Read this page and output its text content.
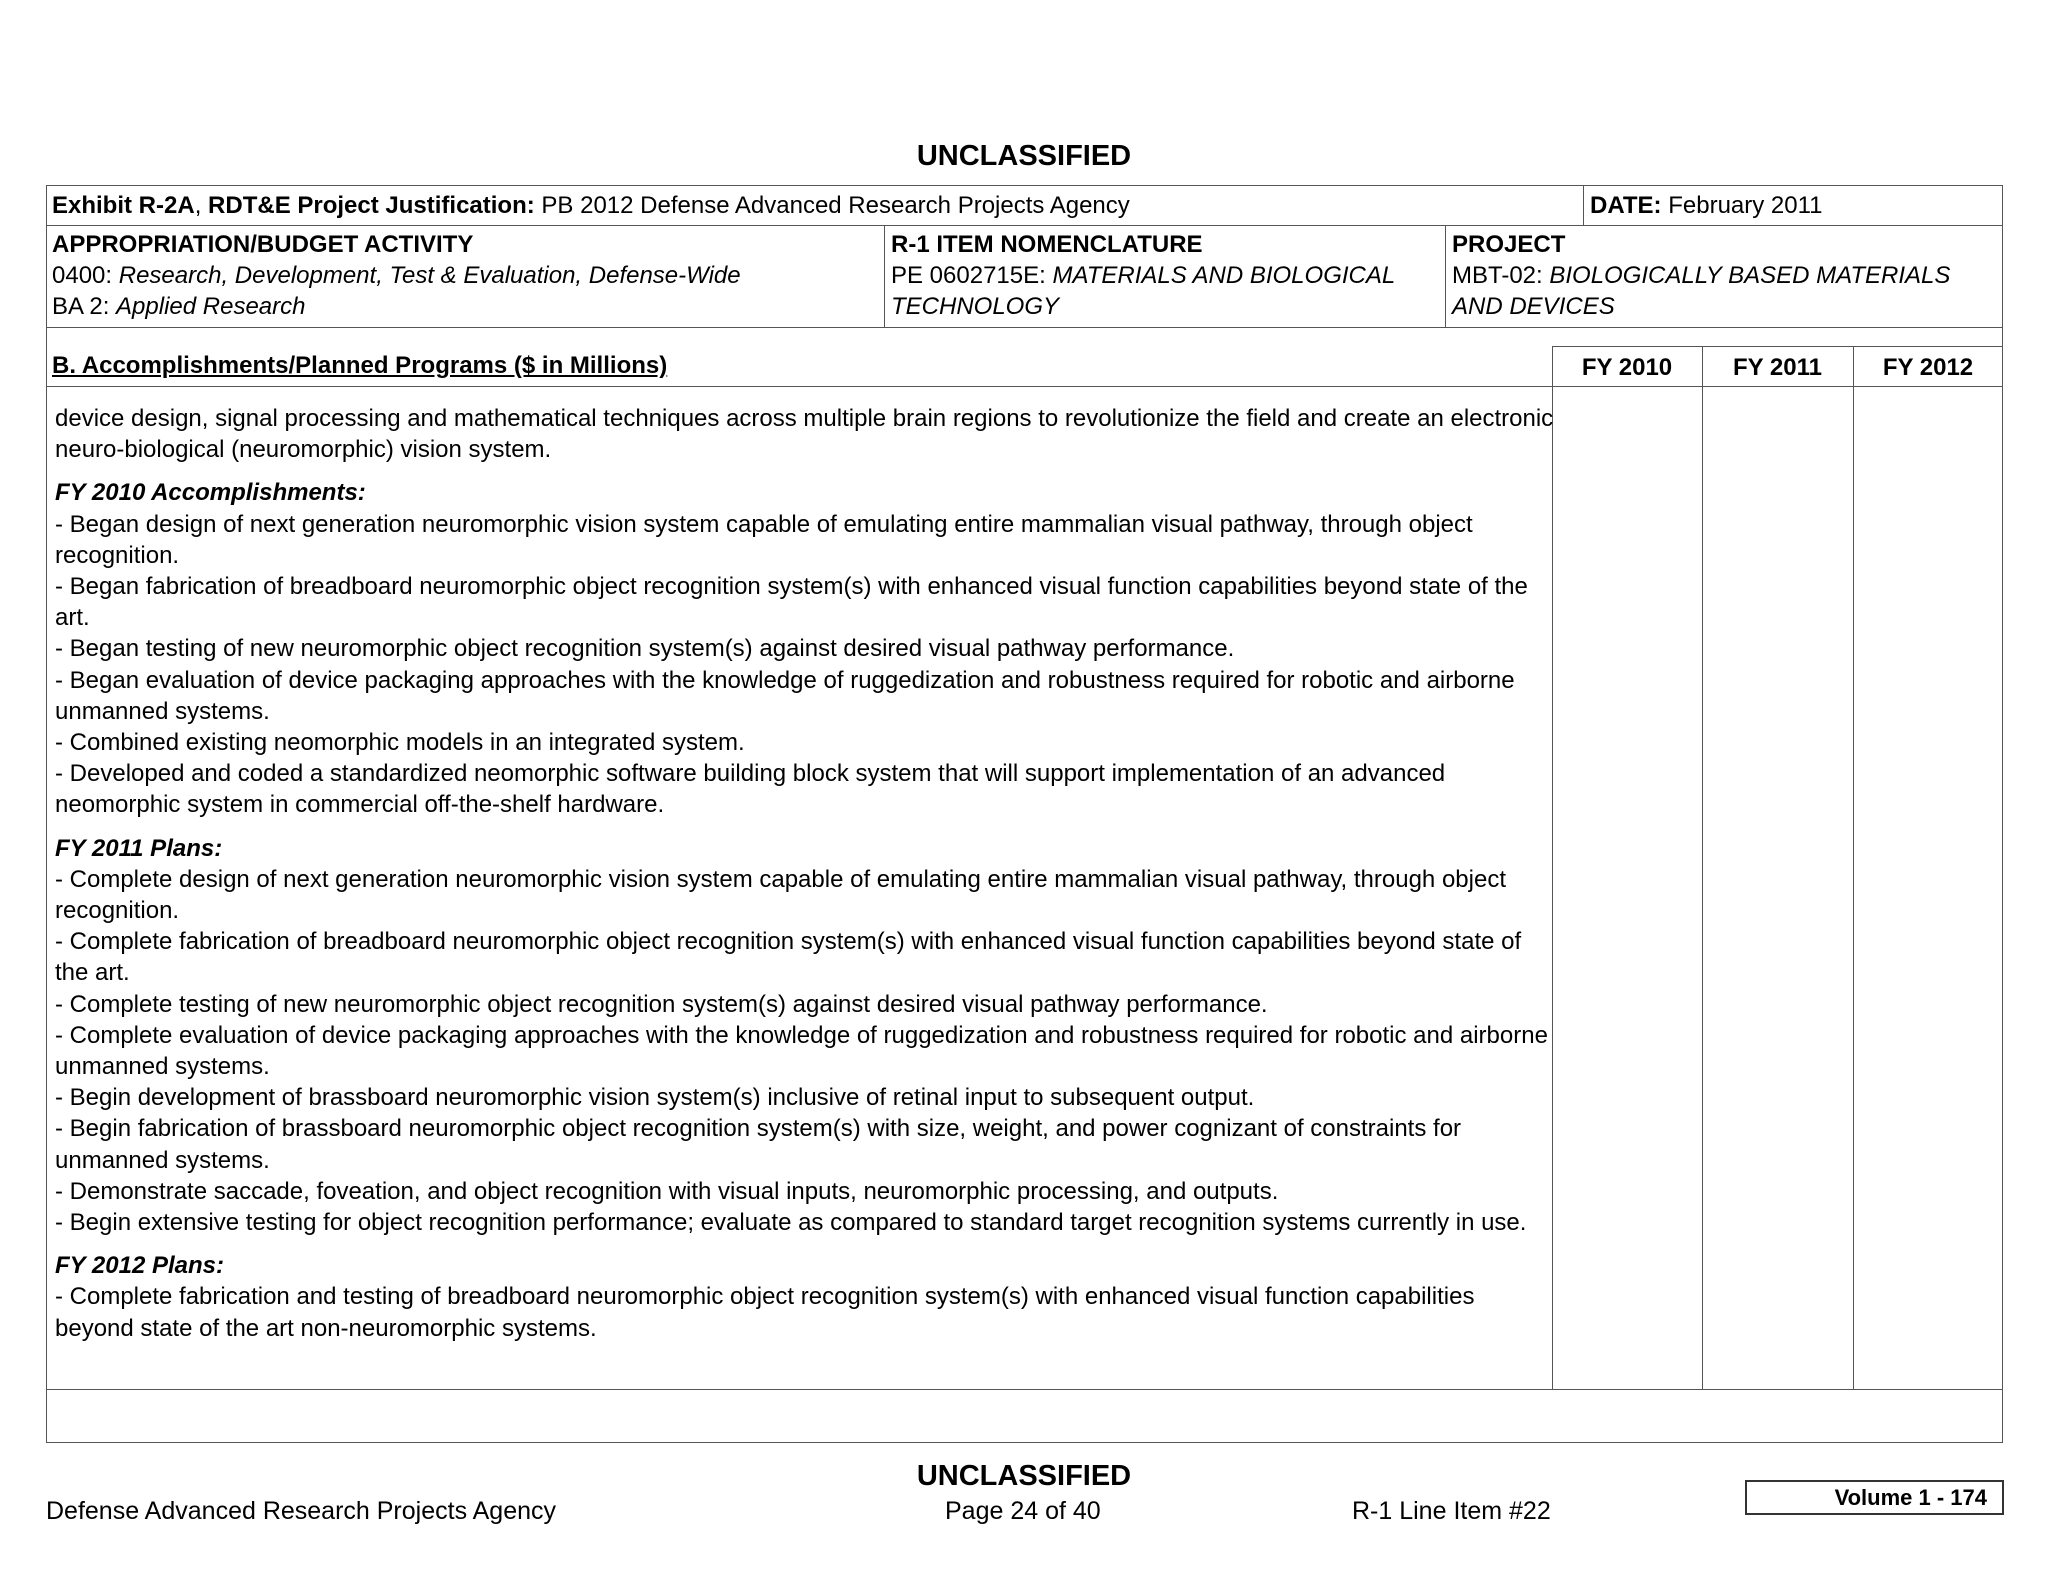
UNCLASSIFIED
Exhibit R-2A, RDT&E Project Justification: PB 2012 Defense Advanced Research Projects Agency	DATE: February 2011
APPROPRIATION/BUDGET ACTIVITY
0400: Research, Development, Test & Evaluation, Defense-Wide
BA 2: Applied Research
R-1 ITEM NOMENCLATURE
PE 0602715E: MATERIALS AND BIOLOGICAL
TECHNOLOGY
PROJECT
MBT-02: BIOLOGICALLY BASED MATERIALS
AND DEVICES
B. Accomplishments/Planned Programs ($ in Millions)	FY 2010	FY 2011	FY 2012

device design, signal processing and mathematical techniques across multiple brain regions to revolutionize the field and create an electronic neuro-biological (neuromorphic) vision system.

FY 2010 Accomplishments:

- Began design of next generation neuromorphic vision system capable of emulating entire mammalian visual pathway, through object recognition.

- Began fabrication of breadboard neuromorphic object recognition system(s) with enhanced visual function capabilities beyond state of the art.

- Began testing of new neuromorphic object recognition system(s) against desired visual pathway performance.

- Began evaluation of device packaging approaches with the knowledge of ruggedization and robustness required for robotic and airborne unmanned systems.

- Combined existing neomorphic models in an integrated system.

- Developed and coded a standardized neomorphic software building block system that will support implementation of an advanced neomorphic system in commercial off-the-shelf hardware.

FY 2011 Plans:

- Complete design of next generation neuromorphic vision system capable of emulating entire mammalian visual pathway, through object recognition.

- Complete fabrication of breadboard neuromorphic object recognition system(s) with enhanced visual function capabilities beyond state of the art.

- Complete testing of new neuromorphic object recognition system(s) against desired visual pathway performance.

- Complete evaluation of device packaging approaches with the knowledge of ruggedization and robustness required for robotic and airborne unmanned systems.

- Begin development of brassboard neuromorphic vision system(s) inclusive of retinal input to subsequent output.

- Begin fabrication of brassboard neuromorphic object recognition system(s) with size, weight, and power cognizant of constraints for unmanned systems.

- Demonstrate saccade, foveation, and object recognition with visual inputs, neuromorphic processing, and outputs.

- Begin extensive testing for object recognition performance; evaluate as compared to standard target recognition systems currently in use.

FY 2012 Plans:

- Complete fabrication and testing of breadboard neuromorphic object recognition system(s) with enhanced visual function capabilities beyond state of the art non-neuromorphic systems.

UNCLASSIFIED
Defense Advanced Research Projects Agency	Page 24 of 40	R-1 Line Item #22	Volume 1 - 174
